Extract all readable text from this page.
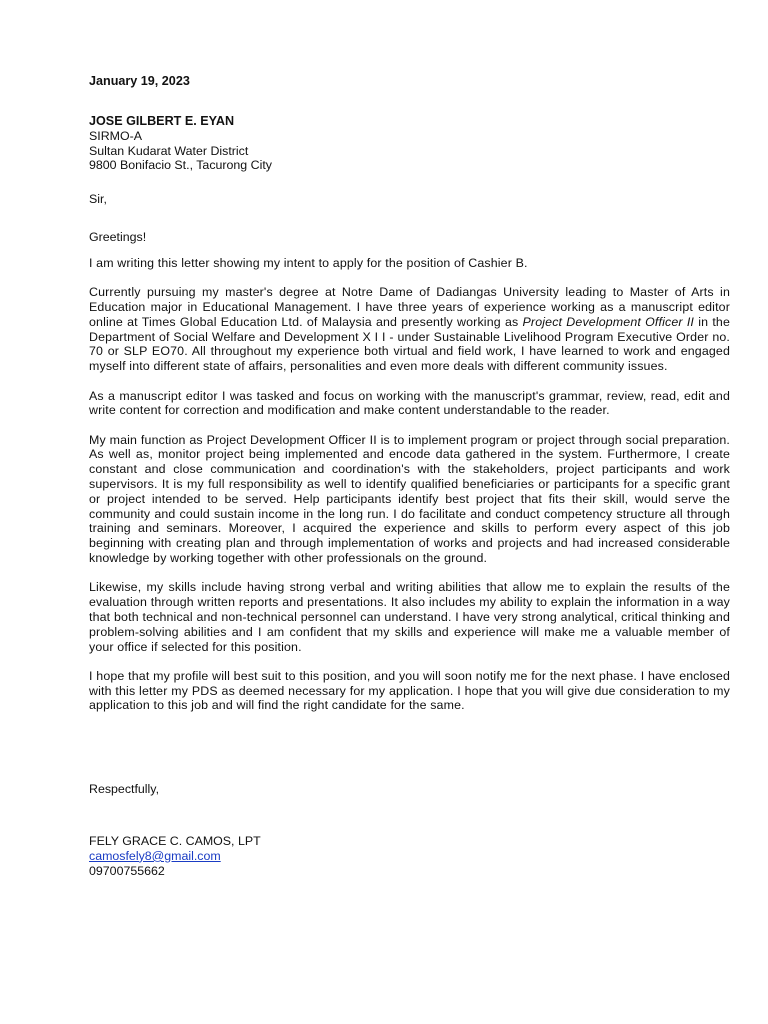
January 19, 2023
JOSE GILBERT E. EYAN
SIRMO-A
Sultan Kudarat Water District
9800 Bonifacio St., Tacurong City
Sir,
Greetings!

I am writing this letter showing my intent to apply for the position of Cashier B.

Currently pursuing my master's degree at Notre Dame of Dadiangas University leading to Master of Arts in Education major in Educational Management. I have three years of experience working as a manuscript editor online at Times Global Education Ltd. of Malaysia and presently working as Project Development Officer II in the Department of Social Welfare and Development X I I - under Sustainable Livelihood Program Executive Order no. 70 or SLP EO70. All throughout my experience both virtual and field work, I have learned to work and engaged myself into different state of affairs, personalities and even more deals with different community issues.

As a manuscript editor I was tasked and focus on working with the manuscript's grammar, review, read, edit and write content for correction and modification and make content understandable to the reader.

My main function as Project Development Officer II is to implement program or project through social preparation. As well as, monitor project being implemented and encode data gathered in the system. Furthermore, I create constant and close communication and coordination's with the stakeholders, project participants and work supervisors. It is my full responsibility as well to identify qualified beneficiaries or participants for a specific grant or project intended to be served. Help participants identify best project that fits their skill, would serve the community and could sustain income in the long run. I do facilitate and conduct competency structure all through training and seminars. Moreover, I acquired the experience and skills to perform every aspect of this job beginning with creating plan and through implementation of works and projects and had increased considerable knowledge by working together with other professionals on the ground.

Likewise, my skills include having strong verbal and writing abilities that allow me to explain the results of the evaluation through written reports and presentations. It also includes my ability to explain the information in a way that both technical and non-technical personnel can understand. I have very strong analytical, critical thinking and problem-solving abilities and I am confident that my skills and experience will make me a valuable member of your office if selected for this position.

I hope that my profile will best suit to this position, and you will soon notify me for the next phase. I have enclosed with this letter my PDS as deemed necessary for my application. I hope that you will give due consideration to my application to this job and will find the right candidate for the same.

Respectfully,
FELY GRACE C. CAMOS, LPT
camosfely8@gmail.com
09700755662
